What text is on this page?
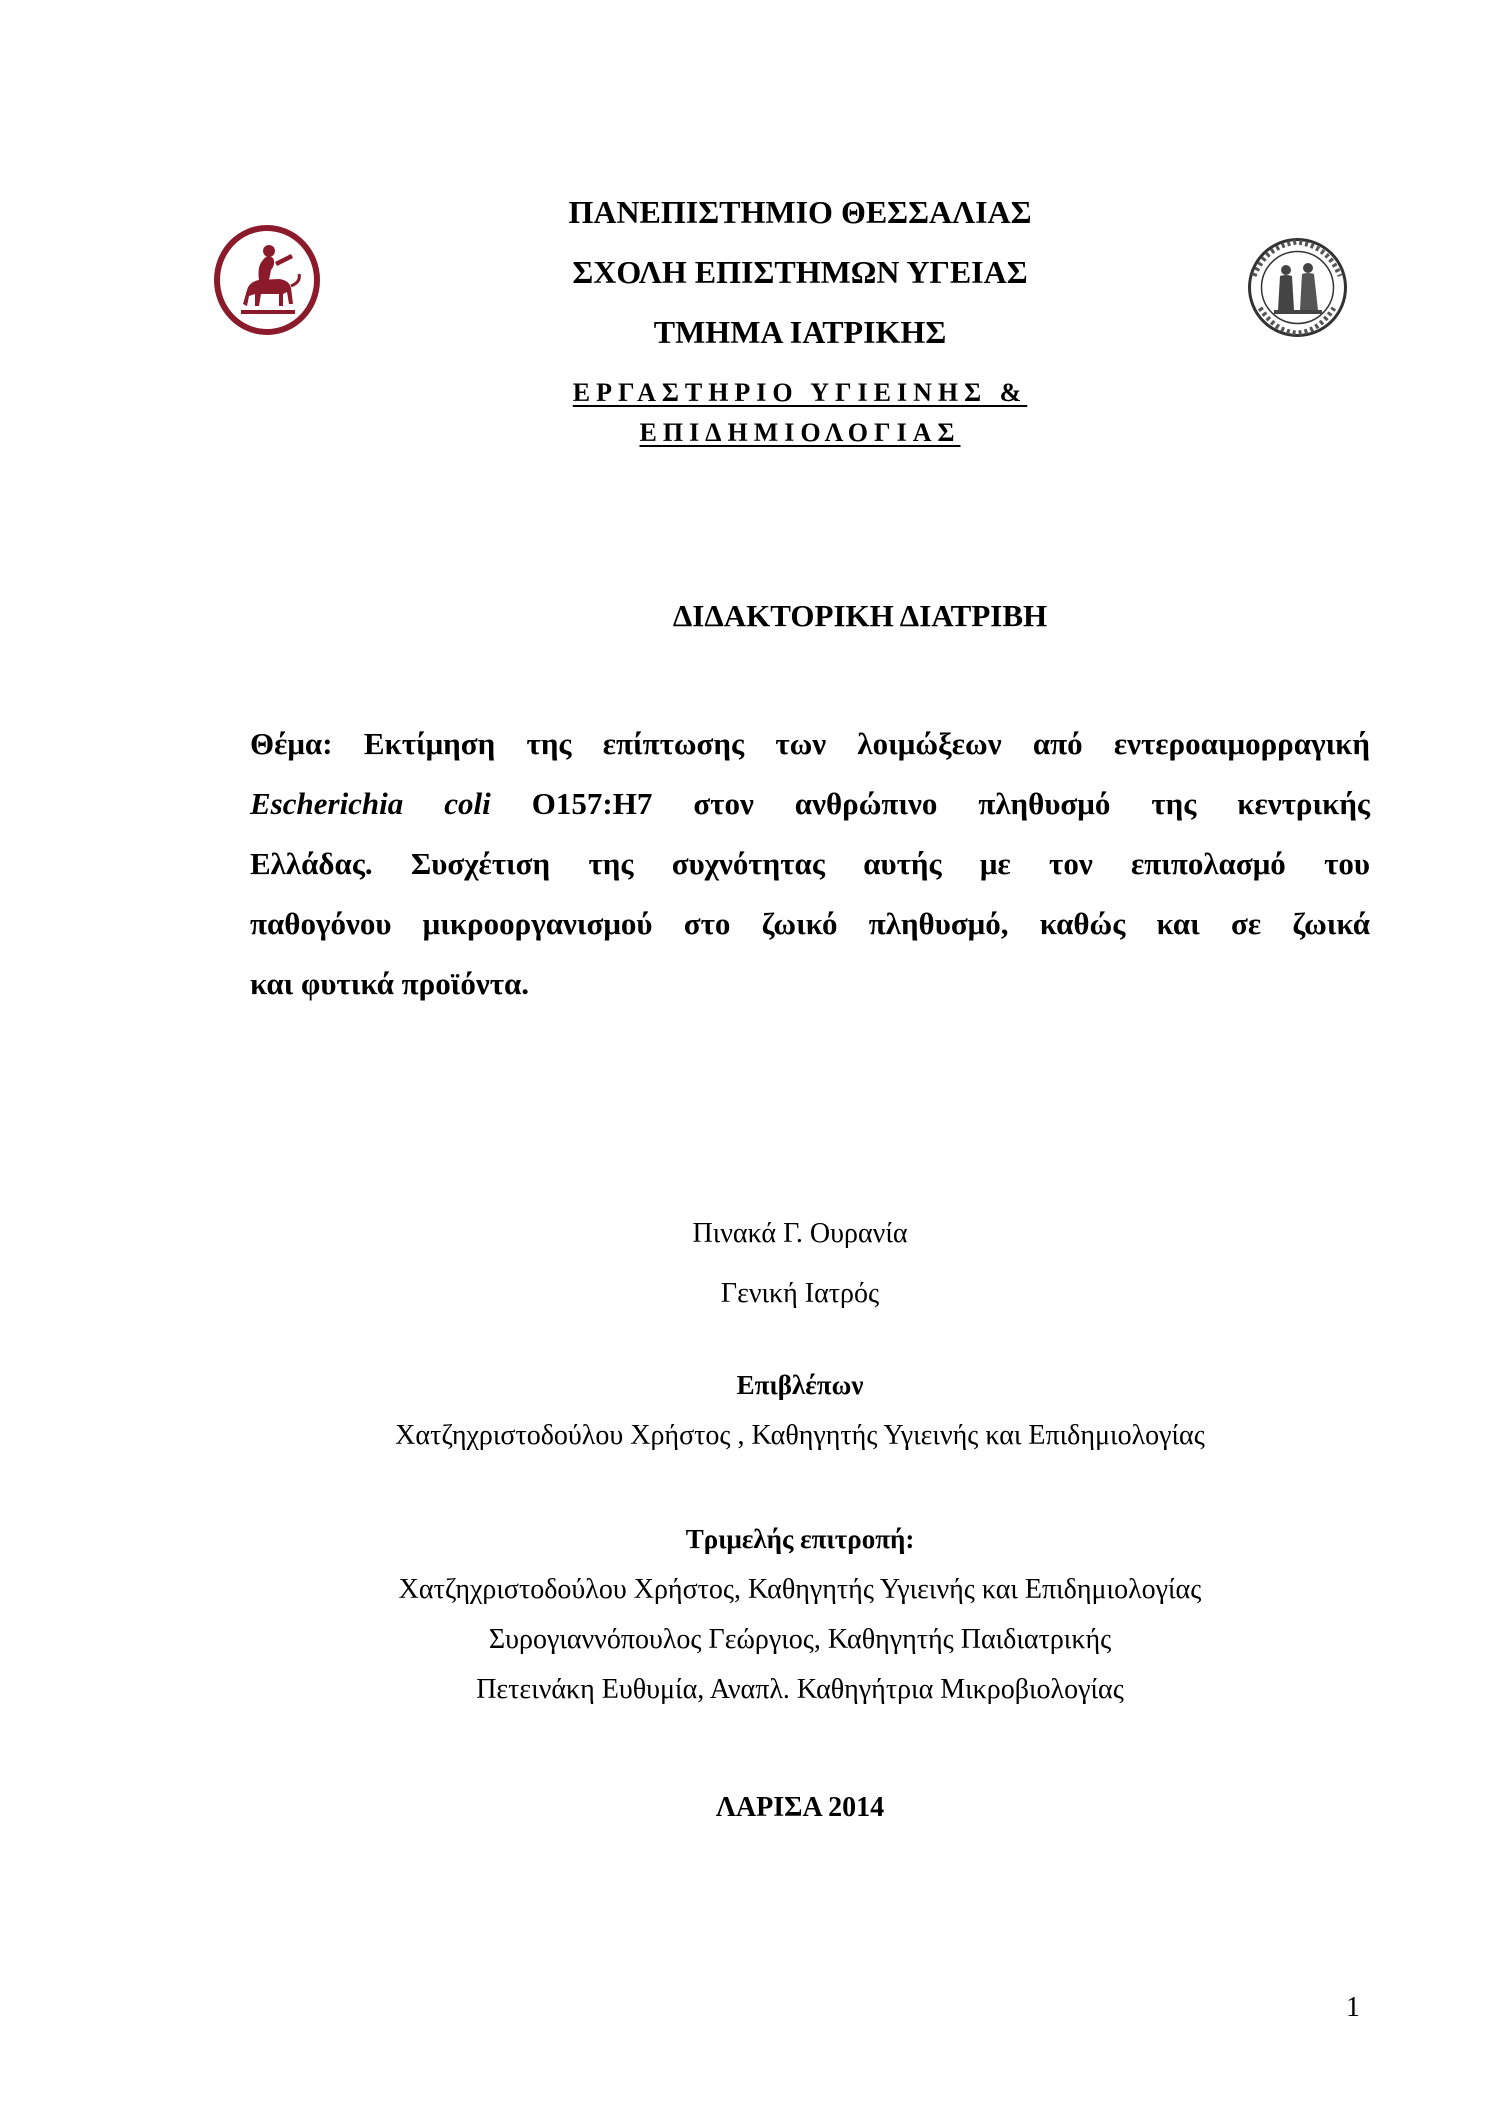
ΠΑΝΕΠΙΣΤΗΜΙΟ ΘΕΣΣΑΛΙΑΣ
ΣΧΟΛΗ ΕΠΙΣΤΗΜΩΝ ΥΓΕΙΑΣ
ΤΜΗΜΑ ΙΑΤΡΙΚΗΣ
ΕΡΓΑΣΤΗΡΙΟ ΥΓΙΕΙΝΗΣ &
ΕΠΙΔΗΜΙΟΛΟΓΙΑΣ
ΔΙΔΑΚΤΟΡΙΚΗ ΔΙΑΤΡΙΒΗ
Θέμα: Εκτίμηση της επίπτωσης των λοιμώξεων από εντεροαιμορραγική
Escherichia coli O157:H7 στον ανθρώπινο πληθυσμό της κεντρικής
Ελλάδας. Συσχέτιση της συχνότητας αυτής με τον επιπολασμό του
παθογόνου μικροοργανισμού στο ζωικό πληθυσμό, καθώς και σε ζωικά
και φυτικά προϊόντα.
Πινακά Γ. Ουρανία
Γενική Ιατρός
Επιβλέπων
Χατζηχριστοδούλου Χρήστος , Καθηγητής Υγιεινής και Επιδημιολογίας
Τριμελής επιτροπή:
Χατζηχριστοδούλου Χρήστος, Καθηγητής Υγιεινής και Επιδημιολογίας
Συρογιαννόπουλος Γεώργιος, Καθηγητής Παιδιατρικής
Πετεινάκη Ευθυμία, Αναπλ. Καθηγήτρια Μικροβιολογίας
ΛΑΡΙΣΑ 2014
1
